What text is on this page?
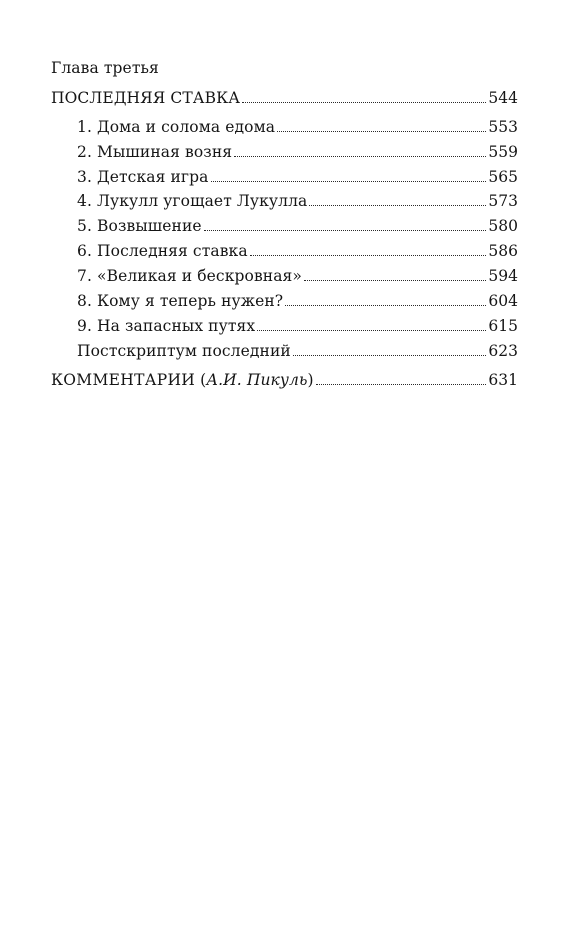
Глава третья
ПОСЛЕДНЯЯ СТАВКА	544
1. Дома и солома едома	553
2. Мышиная возня	559
3. Детская игра	565
4. Лукулл угощает Лукулла	573
5. Возвышение	580
6. Последняя ставка	586
7. «Великая и бескровная»	594
8. Кому я теперь нужен?	604
9. На запасных путях	615
Постскриптум последний	623
КОММЕНТАРИИ (А.И. Пикуль)	631
